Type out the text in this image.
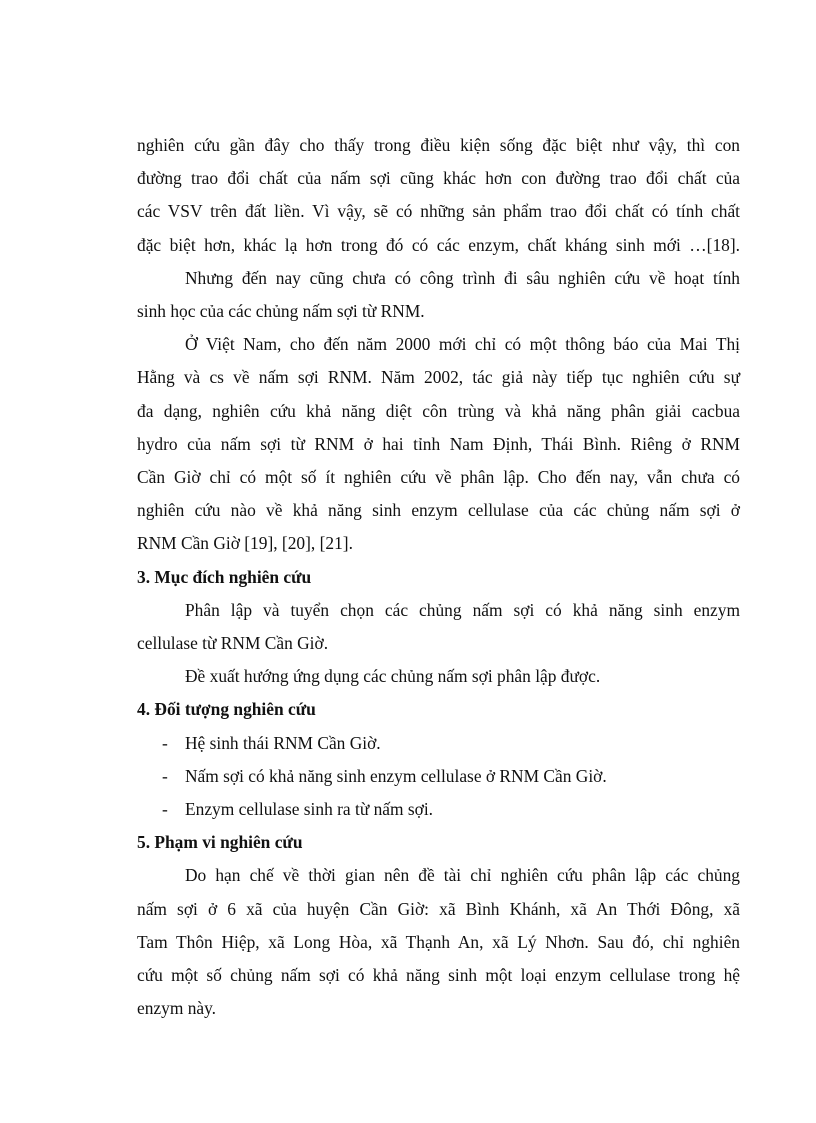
nghiên cứu gần đây cho thấy trong điều kiện sống đặc biệt như vậy, thì con
đường trao đổi chất của nấm sợi cũng khác hơn con đường trao đổi chất của
các VSV trên đất liền. Vì vậy, sẽ có những sản phẩm trao đổi chất có tính chất
đặc biệt hơn, khác lạ hơn trong đó có các enzym, chất kháng sinh mới …[18].

Nhưng đến nay cũng chưa có công trình đi sâu nghiên cứu về hoạt tính
sinh học của các chủng nấm sợi từ RNM.

Ở Việt Nam, cho đến năm 2000 mới chỉ có một thông báo của Mai Thị
Hằng và cs về nấm sợi RNM. Năm 2002, tác giả này tiếp tục nghiên cứu sự
đa dạng, nghiên cứu khả năng diệt côn trùng và khả năng phân giải cacbua
hydro của nấm sợi từ RNM ở hai tỉnh Nam Định, Thái Bình. Riêng ở RNM
Cần Giờ chỉ có một số ít nghiên cứu về phân lập. Cho đến nay, vẫn chưa có
nghiên cứu nào về khả năng sinh enzym cellulase của các chủng nấm sợi ở
RNM Cần Giờ [19], [20], [21].

3. Mục đích nghiên cứu

Phân lập và tuyển chọn các chủng nấm sợi có khả năng sinh enzym
cellulase từ RNM Cần Giờ.

Đề xuất hướng ứng dụng các chủng nấm sợi phân lập được.

4. Đối tượng nghiên cứu

- Hệ sinh thái RNM Cần Giờ.

- Nấm sợi có khả năng sinh enzym cellulase ở RNM Cần Giờ.

- Enzym cellulase sinh ra từ nấm sợi.

5. Phạm vi nghiên cứu

Do hạn chế về thời gian nên đề tài chỉ nghiên cứu phân lập các chủng
nấm sợi ở 6 xã của huyện Cần Giờ: xã Bình Khánh, xã An Thới Đông, xã
Tam Thôn Hiệp, xã Long Hòa, xã Thạnh An, xã Lý Nhơn. Sau đó, chỉ nghiên
cứu một số chủng nấm sợi có khả năng sinh một loại enzym cellulase trong hệ
enzym này.
